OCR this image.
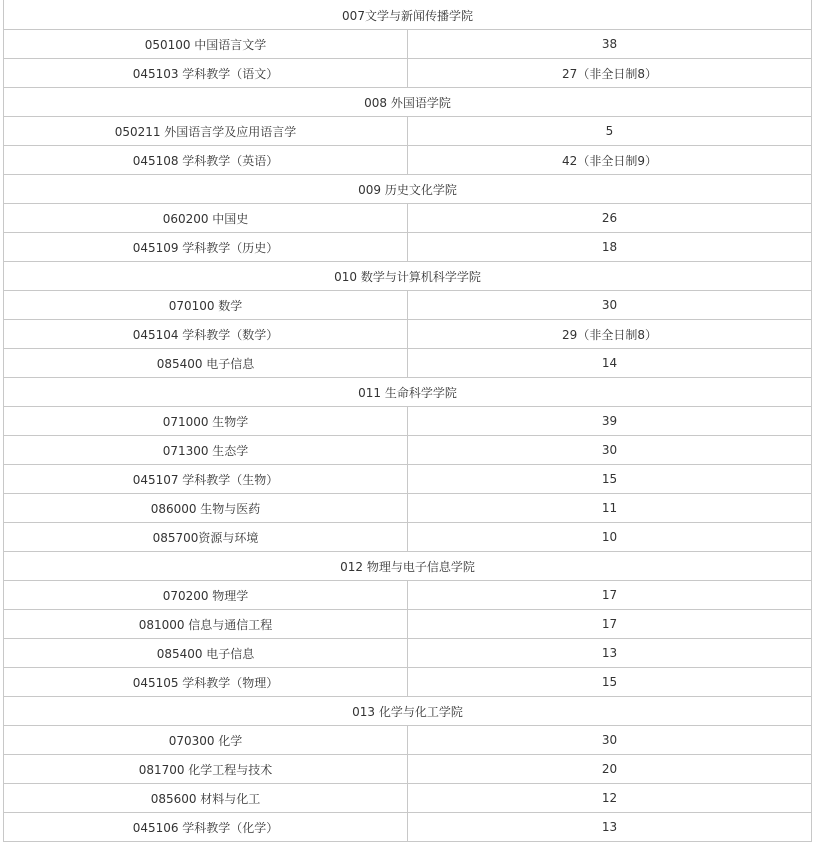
007文学与新闻传播学院	
050100 中国语言文学	38
045103 学科教学（语文）	27（非全日制8）
008 外国语学院	
050211 外国语言学及应用语言学	5
045108 学科教学（英语）	42（非全日制9）
009 历史文化学院	
060200 中国史	26
045109 学科教学（历史）	18
010 数学与计算机科学学院	
070100 数学	30
045104 学科教学（数学）	29（非全日制8）
085400 电子信息	14
011 生命科学学院	
071000 生物学	39
071300 生态学	30
045107 学科教学（生物）	15
086000 生物与医药	11
085700资源与环境	10
012 物理与电子信息学院	
070200 物理学	17
081000 信息与通信工程	17
085400 电子信息	13
045105 学科教学（物理）	15
013 化学与化工学院	
070300 化学	30
081700 化学工程与技术	20
085600 材料与化工	12
045106 学科教学（化学）	13
